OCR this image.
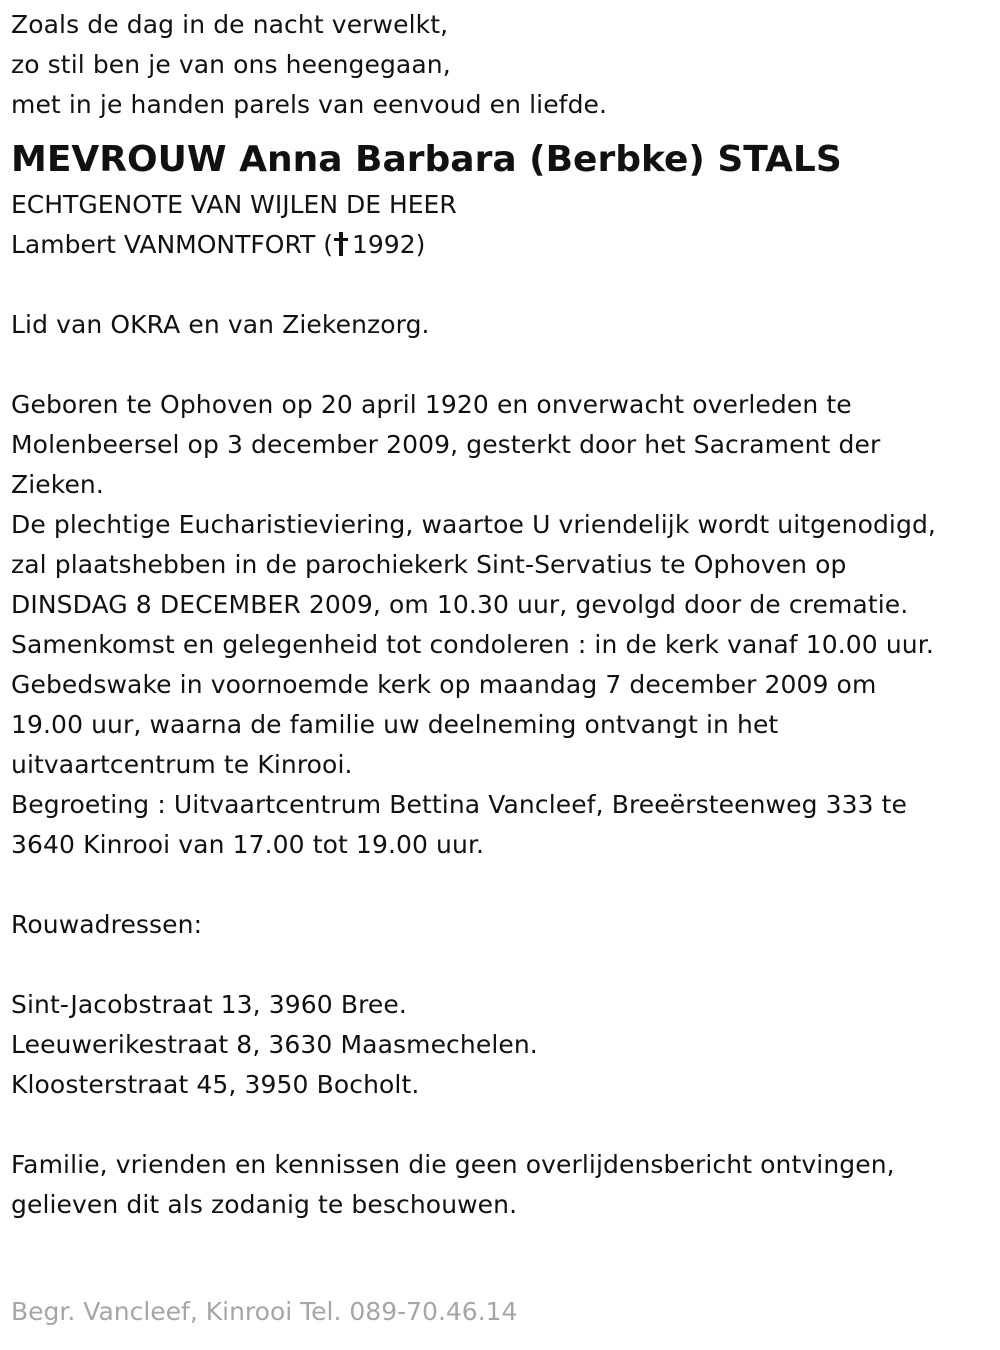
Zoals de dag in de nacht verwelkt,
zo stil ben je van ons heengegaan,
met in je handen parels van eenvoud en liefde.
MEVROUW Anna Barbara (Berbke) STALS
ECHTGENOTE VAN WIJLEN DE HEER
Lambert VANMONTFORT ( 1992)
Lid van OKRA en van Ziekenzorg.
Geboren te Ophoven op 20 april 1920 en onverwacht overleden te
Molenbeersel op 3 december 2009, gesterkt door het Sacrament der
Zieken.
De plechtige Eucharistieviering, waartoe U vriendelijk wordt uitgenodigd,
zal plaatshebben in de parochiekerk Sint-Servatius te Ophoven op
DINSDAG 8 DECEMBER 2009, om 10.30 uur, gevolgd door de crematie.
Samenkomst en gelegenheid tot condoleren : in de kerk vanaf 10.00 uur.
Gebedswake in voornoemde kerk op maandag 7 december 2009 om
19.00 uur, waarna de familie uw deelneming ontvangt in het
uitvaartcentrum te Kinrooi.
Begroeting : Uitvaartcentrum Bettina Vancleef, Breeërsteenweg 333 te
3640 Kinrooi van 17.00 tot 19.00 uur.
Rouwadressen:
Sint-Jacobstraat 13, 3960 Bree.
Leeuwerikestraat 8, 3630 Maasmechelen.
Kloosterstraat 45, 3950 Bocholt.
Familie, vrienden en kennissen die geen overlijdensbericht ontvingen,
gelieven dit als zodanig te beschouwen.
Begr. Vancleef, Kinrooi Tel. 089-70.46.14
